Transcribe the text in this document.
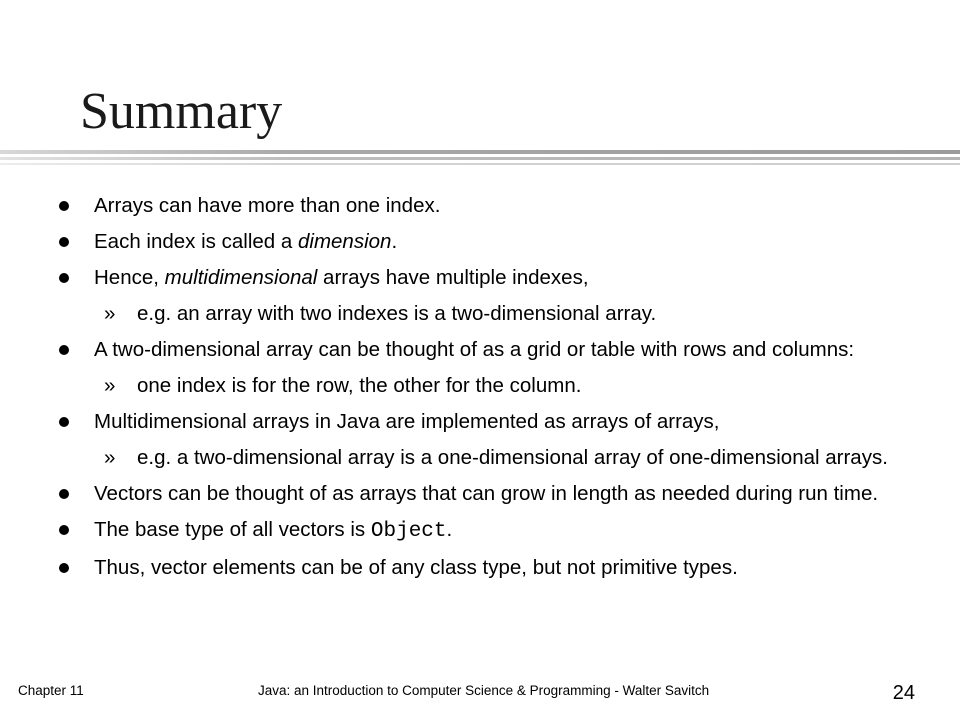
Summary
Arrays can have more than one index.
Each index is called a dimension.
Hence, multidimensional arrays have multiple indexes,
» e.g. an array with two indexes is a two-dimensional array.
A two-dimensional array can be thought of as a grid or table with rows and columns:
» one index is for the row, the other for the column.
Multidimensional arrays in Java are implemented as arrays of arrays,
» e.g. a two-dimensional array is a one-dimensional array of one-dimensional arrays.
Vectors can be thought of as arrays that can grow in length as needed during run time.
The base type of all vectors is Object.
Thus, vector elements can be of any class type, but not primitive types.
Chapter 11	Java: an Introduction to Computer Science & Programming - Walter Savitch	24
